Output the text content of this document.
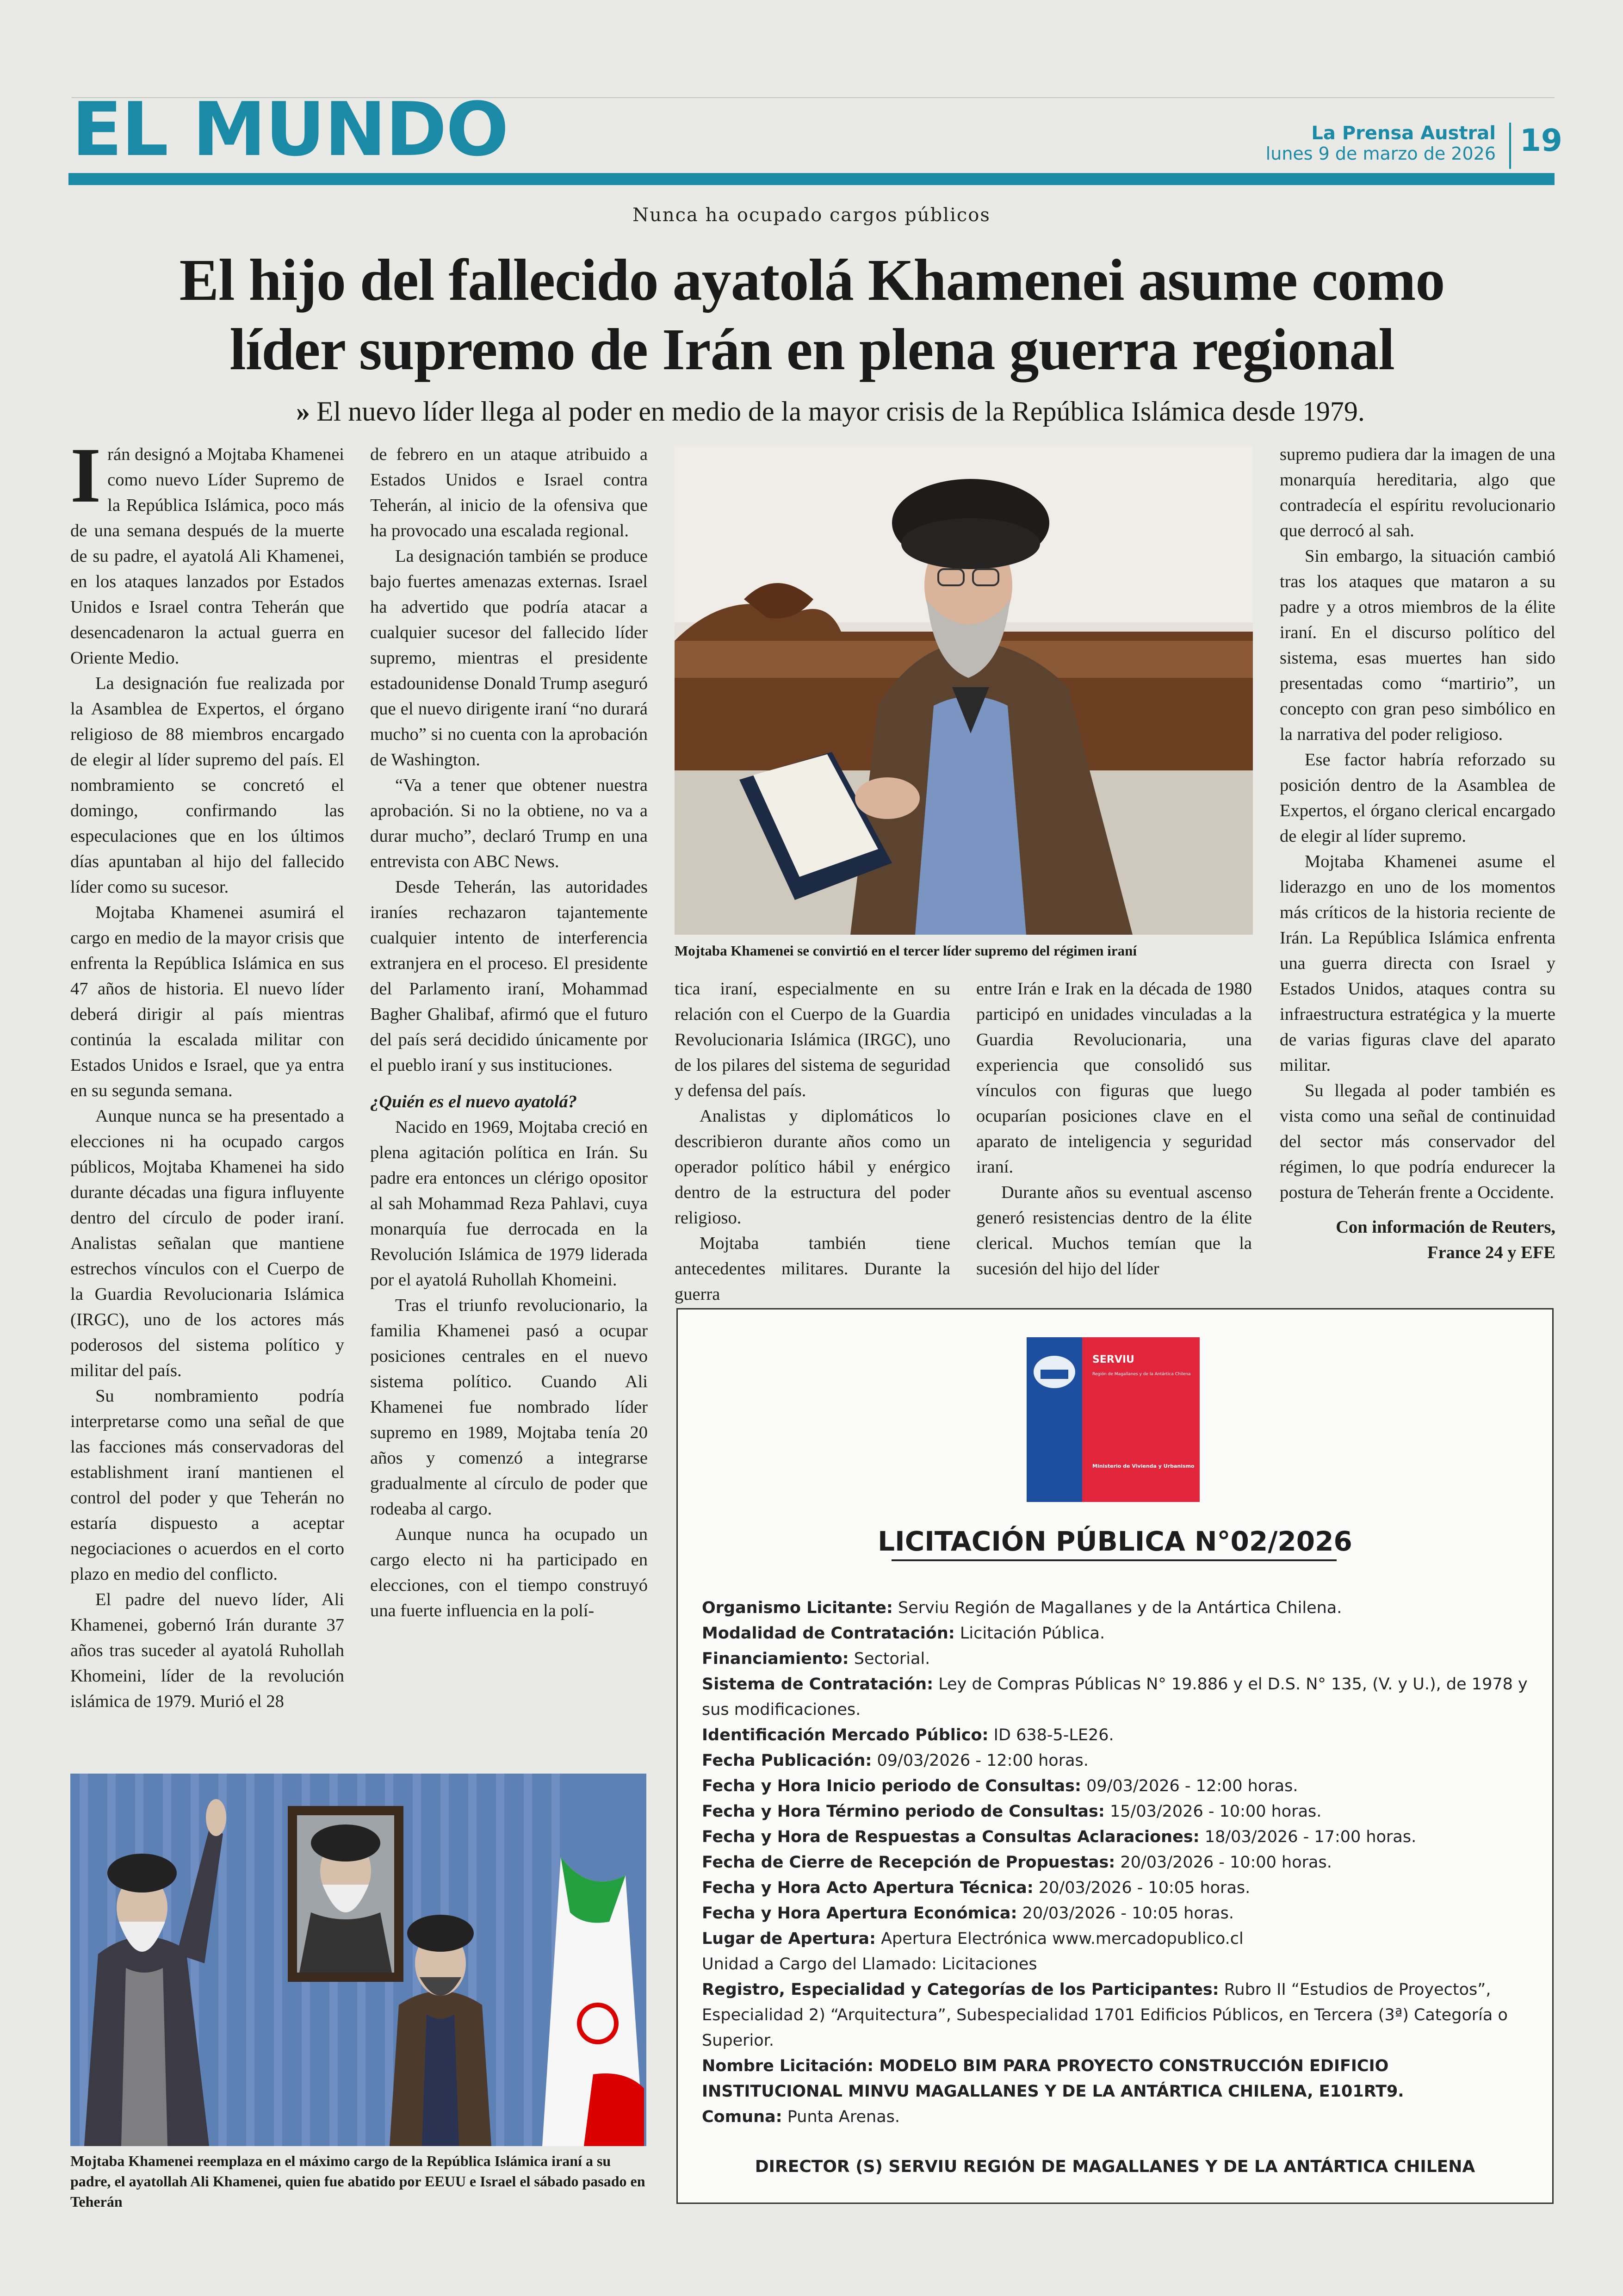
EL MUNDO	La Prensa Austral
lunes 9 de marzo de 2026 19
Nunca ha ocupado cargos públicos
El hijo del fallecido ayatolá Khamenei asume como líder supremo de Irán en plena guerra regional
» El nuevo líder llega al poder en medio de la mayor crisis de la República Islámica desde 1979.

Irán designó a Mojtaba Khamenei como nuevo Líder Supremo de la República Islámica, poco más de una semana después de la muerte de su padre, el ayatolá Ali Khamenei, en los ataques lanzados por Estados Unidos e Israel contra Teherán que desencadenaron la actual guerra en Oriente Medio.

La designación fue realizada por la Asamblea de Expertos, el órgano religioso de 88 miembros encargado de elegir al líder supremo del país. El nombramiento se concretó el domingo, confirmando las especulaciones que en los últimos días apuntaban al hijo del fallecido líder como su sucesor.

Mojtaba Khamenei asumirá el cargo en medio de la mayor crisis que enfrenta la República Islámica en sus 47 años de historia. El nuevo líder deberá dirigir al país mientras continúa la escalada militar con Estados Unidos e Israel, que ya entra en su segunda semana.

Aunque nunca se ha presentado a elecciones ni ha ocupado cargos públicos, Mojtaba Khamenei ha sido durante décadas una figura influyente dentro del círculo de poder iraní. Analistas señalan que mantiene estrechos vínculos con el Cuerpo de la Guardia Revolucionaria Islámica (IRGC), uno de los actores más poderosos del sistema político y militar del país.

Su nombramiento podría interpretarse como una señal de que las facciones más conservadoras del establishment iraní mantienen el control del poder y que Teherán no estaría dispuesto a aceptar negociaciones o acuerdos en el corto plazo en medio del conflicto.

El padre del nuevo líder, Ali Khamenei, gobernó Irán durante 37 años tras suceder al ayatolá Ruhollah Khomeini, líder de la revolución islámica de 1979. Murió el 28

de febrero en un ataque atribuido a Estados Unidos e Israel contra Teherán, al inicio de la ofensiva que ha provocado una escalada regional.

La designación también se produce bajo fuertes amenazas externas. Israel ha advertido que podría atacar a cualquier sucesor del fallecido líder supremo, mientras el presidente estadounidense Donald Trump aseguró que el nuevo dirigente iraní “no durará mucho” si no cuenta con la aprobación de Washington.

“Va a tener que obtener nuestra aprobación. Si no la obtiene, no va a durar mucho”, declaró Trump en una entrevista con ABC News.

Desde Teherán, las autoridades iraníes rechazaron tajantemente cualquier intento de interferencia extranjera en el proceso. El presidente del Parlamento iraní, Mohammad Bagher Ghalibaf, afirmó que el futuro del país será decidido únicamente por el pueblo iraní y sus instituciones.

¿Quién es el nuevo ayatolá?

Nacido en 1969, Mojtaba creció en plena agitación política en Irán. Su padre era entonces un clérigo opositor al sah Mohammad Reza Pahlavi, cuya monarquía fue derrocada en la Revolución Islámica de 1979 liderada por el ayatolá Ruhollah Khomeini.

Tras el triunfo revolucionario, la familia Khamenei pasó a ocupar posiciones centrales en el nuevo sistema político. Cuando Ali Khamenei fue nombrado líder supremo en 1989, Mojtaba tenía 20 años y comenzó a integrarse gradualmente al círculo de poder que rodeaba al cargo.

Aunque nunca ha ocupado un cargo electo ni ha participado en elecciones, con el tiempo construyó una fuerte influencia en la polí-

Mojtaba Khamenei se convirtió en el tercer líder supremo del régimen iraní

tica iraní, especialmente en su relación con el Cuerpo de la Guardia Revolucionaria Islámica (IRGC), uno de los pilares del sistema de seguridad y defensa del país.

Analistas y diplomáticos lo describieron durante años como un operador político hábil y enérgico dentro de la estructura del poder religioso.

Mojtaba también tiene antecedentes militares. Durante la guerra

entre Irán e Irak en la década de 1980 participó en unidades vinculadas a la Guardia Revolucionaria, una experiencia que consolidó sus vínculos con figuras que luego ocuparían posiciones clave en el aparato de inteligencia y seguridad iraní.

Durante años su eventual ascenso generó resistencias dentro de la élite clerical. Muchos temían que la sucesión del hijo del líder

supremo pudiera dar la imagen de una monarquía hereditaria, algo que contradecía el espíritu revolucionario que derrocó al sah.

Sin embargo, la situación cambió tras los ataques que mataron a su padre y a otros miembros de la élite iraní. En el discurso político del sistema, esas muertes han sido presentadas como “martirio”, un concepto con gran peso simbólico en la narrativa del poder religioso.

Ese factor habría reforzado su posición dentro de la Asamblea de Expertos, el órgano clerical encargado de elegir al líder supremo.

Mojtaba Khamenei asume el liderazgo en uno de los momentos más críticos de la historia reciente de Irán. La República Islámica enfrenta una guerra directa con Israel y Estados Unidos, ataques contra su infraestructura estratégica y la muerte de varias figuras clave del aparato militar.

Su llegada al poder también es vista como una señal de continuidad del sector más conservador del régimen, lo que podría endurecer la postura de Teherán frente a Occidente.

Con información de Reuters, France 24 y EFE

Mojtaba Khamenei reemplaza en el máximo cargo de la República Islámica iraní a su padre, el ayatollah Ali Khamenei, quien fue abatido por EEUU e Israel el sábado pasado en Teherán
SERVIU
Región de Magallanes y de la Antártica Chilena
Ministerio de Vivienda y Urbanismo
LICITACIÓN PÚBLICA N°02/2026

Organismo Licitante: Serviu Región de Magallanes y de la Antártica Chilena.

Modalidad de Contratación: Licitación Pública.

Financiamiento: Sectorial.

Sistema de Contratación: Ley de Compras Públicas N° 19.886 y el D.S. N° 135, (V. y U.), de 1978 y sus modificaciones.

Identificación Mercado Público: ID 638-5-LE26.

Fecha Publicación: 09/03/2026 - 12:00 horas.

Fecha y Hora Inicio periodo de Consultas: 09/03/2026 - 12:00 horas.

Fecha y Hora Término periodo de Consultas: 15/03/2026 - 10:00 horas.

Fecha y Hora de Respuestas a Consultas Aclaraciones: 18/03/2026 - 17:00 horas.

Fecha de Cierre de Recepción de Propuestas: 20/03/2026 - 10:00 horas.

Fecha y Hora Acto Apertura Técnica: 20/03/2026 - 10:05 horas.

Fecha y Hora Apertura Económica: 20/03/2026 - 10:05 horas.

Lugar de Apertura: Apertura Electrónica www.mercadopublico.cl

Unidad a Cargo del Llamado: Licitaciones

Registro, Especialidad y Categorías de los Participantes: Rubro II “Estudios de Proyectos”, Especialidad 2) “Arquitectura”, Subespecialidad 1701 Edificios Públicos, en Tercera (3ª) Categoría o Superior.

Nombre Licitación: MODELO BIM PARA PROYECTO CONSTRUCCIÓN EDIFICIO INSTITUCIONAL MINVU MAGALLANES Y DE LA ANTÁRTICA CHILENA, E101RT9.

Comuna: Punta Arenas.

DIRECTOR (S) SERVIU REGIÓN DE MAGALLANES Y DE LA ANTÁRTICA CHILENA
